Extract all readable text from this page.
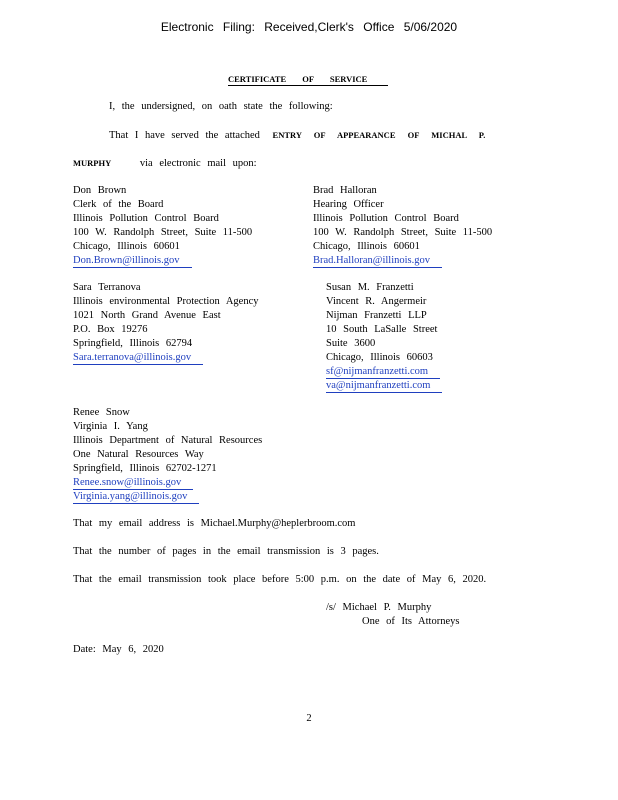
Electronic Filing: Received,Clerk's Office 5/06/2020
CERTIFICATE OF SERVICE
I, the undersigned, on oath state the following:
That I have served the attached ENTRY OF APPEARANCE OF MICHAL P.
MURPHY	via electronic mail upon:
Don Brown
Clerk of the Board
Illinois Pollution Control Board
100 W. Randolph Street, Suite 11-500
Chicago, Illinois 60601
Don.Brown@illinois.gov
Brad Halloran
Hearing Officer
Illinois Pollution Control Board
100 W. Randolph Street, Suite 11-500
Chicago, Illinois 60601
Brad.Halloran@illinois.gov
Sara Terranova
Illinois environmental Protection Agency
1021 North Grand Avenue East
P.O. Box 19276
Springfield, Illinois 62794
Sara.terranova@illinois.gov
Susan M. Franzetti
Vincent R. Angermeir
Nijman Franzetti LLP
10 South LaSalle Street
Suite 3600
Chicago, Illinois 60603
sf@nijmanfranzetti.com
va@nijmanfranzetti.com
Renee Snow
Virginia I. Yang
Illinois Department of Natural Resources
One Natural Resources Way
Springfield, Illinois 62702-1271
Renee.snow@illinois.gov
Virginia.yang@illinois.gov
That my email address is Michael.Murphy@heplerbroom.com
That the number of pages in the email transmission is 3 pages.
That the email transmission took place before 5:00 p.m. on the date of May 6, 2020.
/s/ Michael P. Murphy
One of Its Attorneys
Date: May 6, 2020
2
